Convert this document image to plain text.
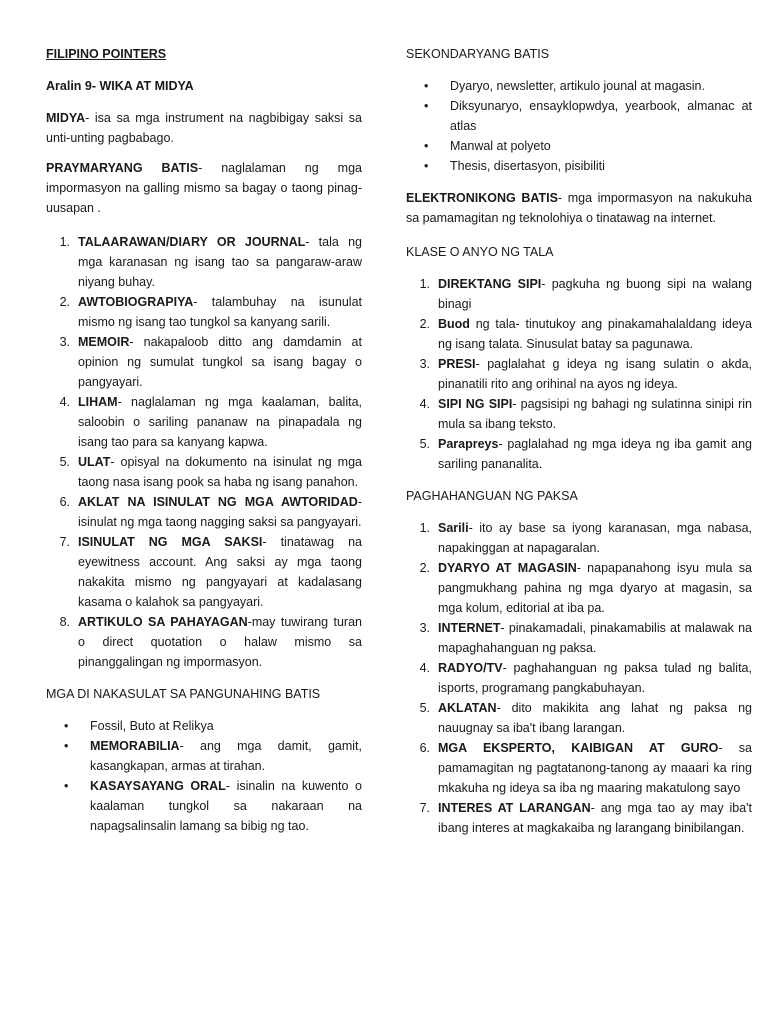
FILIPINO POINTERS

Aralin 9- WIKA AT MIDYA

MIDYA- isa sa mga instrument na nagbibigay saksi sa unti-unting pagbabago.

PRAYMARYANG BATIS- naglalaman ng mga impormasyon na galling mismo sa bagay o taong pinag-uusapan .

1. TALAARAWAN/DIARY OR JOURNAL- tala ng mga karanasan ng isang tao sa pangaraw-araw niyang buhay.
2. AWTOBIOGRAPIYA- talambuhay na isunulat mismo ng isang tao tungkol sa kanyang sarili.
3. MEMOIR- nakapaloob ditto ang damdamin at opinion ng sumulat tungkol sa isang bagay o pangyayari.
4. LIHAM- naglalaman ng mga kaalaman, balita, saloobin o sariling pananaw na pinapadala ng isang tao para sa kanyang kapwa.
5. ULAT- opisyal na dokumento na isinulat ng mga taong nasa isang pook sa haba ng isang panahon.
6. AKLAT NA ISINULAT NG MGA AWTORIDAD- isinulat ng mga taong nagging saksi sa pangyayari.
7. ISINULAT NG MGA SAKSI- tinatawag na eyewitness account. Ang saksi ay mga taong nakakita mismo ng pangyayari at kadalasang kasama o kalahok sa pangyayari.
8. ARTIKULO SA PAHAYAGAN-may tuwirang turan o direct quotation o halaw mismo sa pinanggalingan ng impormasyon.

MGA DI NAKASULAT SA PANGUNAHING BATIS

•	Fossil, Buto at Relikya
•	MEMORABILIA- ang mga damit, gamit, kasangkapan, armas at tirahan.
•	KASAYSAYANG ORAL- isinalin na kuwento o kaalaman tungkol sa nakaraan na napagsalinsalin lamang sa bibig ng tao.

SEKONDARYANG BATIS

•	Dyaryo, newsletter, artikulo jounal at magasin.
•	Diksyunaryo, ensayklopwdya, yearbook, almanac at atlas
•	Manwal at polyeto
•	Thesis, disertasyon, pisibiliti

ELEKTRONIKONG BATIS- mga impormasyon na nakukuha sa pamamagitan ng teknolohiya o tinatawag na internet.

KLASE O ANYO NG TALA

1. DIREKTANG SIPI- pagkuha ng buong sipi na walang binagi
2. Buod ng tala- tinutukoy ang pinakamahalaldang ideya ng isang talata. Sinusulat batay sa pagunawa.
3. PRESI- paglalahat g ideya ng isang sulatin o akda, pinanatili rito ang orihinal na ayos ng ideya.
4. SIPI NG SIPI- pagsisipi ng bahagi ng sulatinna sinipi rin mula sa ibang teksto.
5. Parapreys- paglalahad ng mga ideya ng iba gamit ang sariling pananalita.

PAGHAHANGUAN NG PAKSA

1. Sarili- ito ay base sa iyong karanasan, mga nabasa, napakinggan at napagaralan.
2. DYARYO AT MAGASIN- napapanahong isyu mula sa pangmukhang pahina ng mga dyaryo at magasin, sa mga kolum, editorial at iba pa.
3. INTERNET- pinakamadali, pinakamabilis at malawak na mapaghahanguan ng paksa.
4. RADYO/TV- paghahanguan ng paksa tulad ng balita, isports, programang pangkabuhayan.
5. AKLATAN- dito makikita ang lahat ng paksa ng nauugnay sa iba't ibang larangan.
6. MGA EKSPERTO, KAIBIGAN AT GURO- sa pamamagitan ng pagtatanong-tanong ay maaari ka ring mkakuha ng ideya sa iba ng maaring makatulong sayo
7. INTERES AT LARANGAN- ang mga tao ay may iba't ibang interes at magkakaiba ng larangang binibilangan.
